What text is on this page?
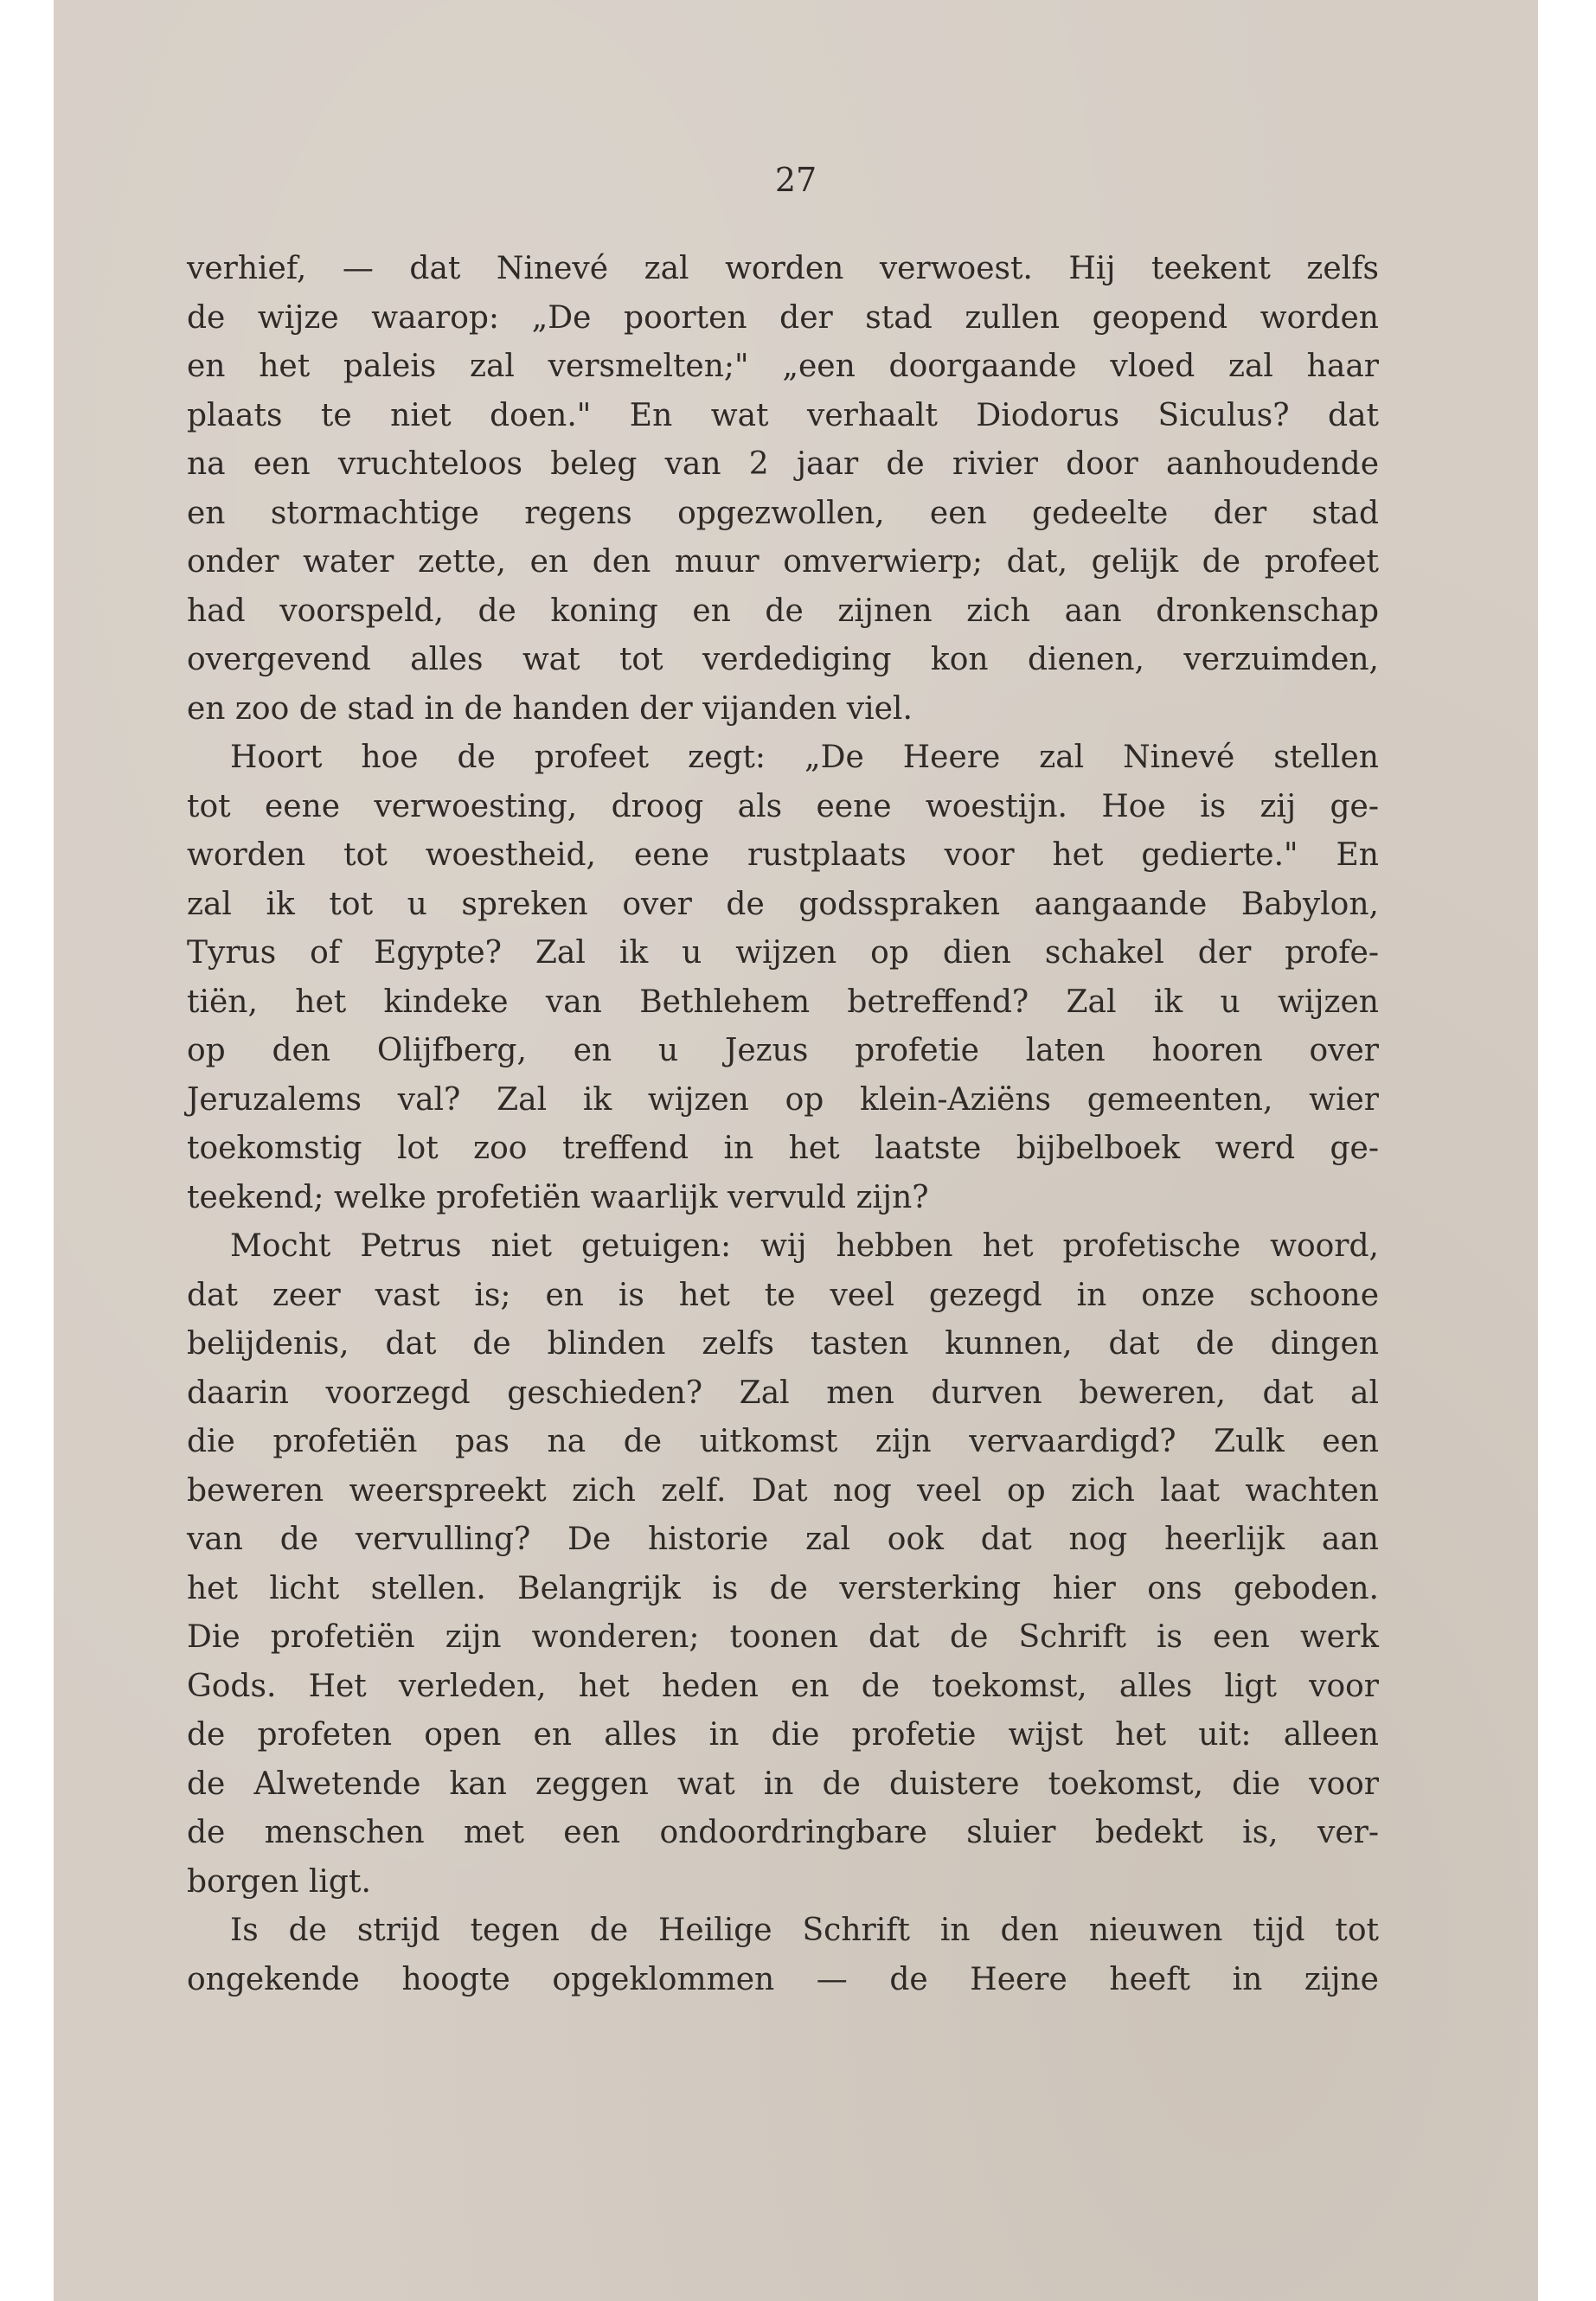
27
verhief, — dat Ninevé zal worden verwoest. Hij teekent zelfs
de wijze waarop: „De poorten der stad zullen geopend worden
en het paleis zal versmelten;" „een doorgaande vloed zal haar
plaats te niet doen." En wat verhaalt Diodorus Siculus? dat
na een vruchteloos beleg van 2 jaar de rivier door aanhoudende
en stormachtige regens opgezwollen, een gedeelte der stad
onder water zette, en den muur omverwierp; dat, gelijk de profeet
had voorspeld, de koning en de zijnen zich aan dronkenschap
overgevend alles wat tot verdediging kon dienen, verzuimden,
en zoo de stad in de handen der vijanden viel.
Hoort hoe de profeet zegt: „De Heere zal Ninevé stellen
tot eene verwoesting, droog als eene woestijn. Hoe is zij ge-
worden tot woestheid, eene rustplaats voor het gedierte." En
zal ik tot u spreken over de godsspraken aangaande Babylon,
Tyrus of Egypte? Zal ik u wijzen op dien schakel der profe-
tiën, het kindeke van Bethlehem betreffend? Zal ik u wijzen
op den Olijfberg, en u Jezus profetie laten hooren over
Jeruzalems val? Zal ik wijzen op klein-Aziëns gemeenten, wier
toekomstig lot zoo treffend in het laatste bijbelboek werd ge-
teekend; welke profetiën waarlijk vervuld zijn?
Mocht Petrus niet getuigen: wij hebben het profetische woord,
dat zeer vast is; en is het te veel gezegd in onze schoone
belijdenis, dat de blinden zelfs tasten kunnen, dat de dingen
daarin voorzegd geschieden? Zal men durven beweren, dat al
die profetiën pas na de uitkomst zijn vervaardigd? Zulk een
beweren weerspreekt zich zelf. Dat nog veel op zich laat wachten
van de vervulling? De historie zal ook dat nog heerlijk aan
het licht stellen. Belangrijk is de versterking hier ons geboden.
Die profetiën zijn wonderen; toonen dat de Schrift is een werk
Gods. Het verleden, het heden en de toekomst, alles ligt voor
de profeten open en alles in die profetie wijst het uit: alleen
de Alwetende kan zeggen wat in de duistere toekomst, die voor
de menschen met een ondoordringbare sluier bedekt is, ver-
borgen ligt.
Is de strijd tegen de Heilige Schrift in den nieuwen tijd tot
ongekende hoogte opgeklommen — de Heere heeft in zijne
